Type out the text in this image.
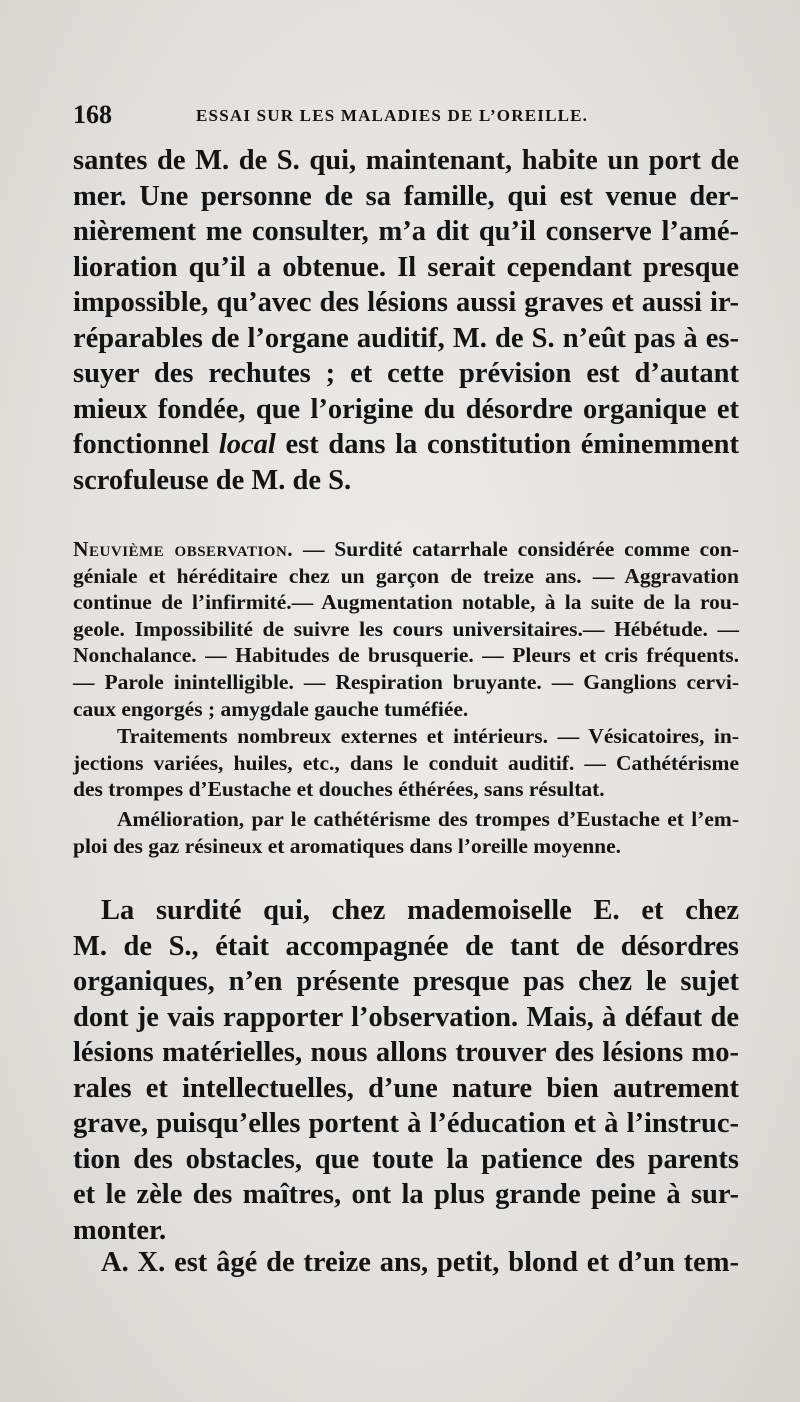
168	ESSAI SUR LES MALADIES DE L’OREILLE.

santes de M. de S. qui, maintenant, habite un port de
mer. Une personne de sa famille, qui est venue der-
nièrement me consulter, m’a dit qu’il conserve l’amé-
lioration qu’il a obtenue. Il serait cependant presque
impossible, qu’avec des lésions aussi graves et aussi ir-
réparables de l’organe auditif, M. de S. n’eût pas à es-
suyer des rechutes ; et cette prévision est d’autant
mieux fondée, que l’origine du désordre organique et
fonctionnel local est dans la constitution éminemment
scrofuleuse de M. de S.

Neuvième observation. — Surdité catarrhale considérée comme con-
géniale et héréditaire chez un garçon de treize ans. — Aggravation
continue de l’infirmité.— Augmentation notable, à la suite de la rou-
geole. Impossibilité de suivre les cours universitaires.— Hébétude. —
Nonchalance. — Habitudes de brusquerie. — Pleurs et cris fréquents.
— Parole inintelligible. — Respiration bruyante. — Ganglions cervi-
caux engorgés ; amygdale gauche tuméfiée.
Traitements nombreux externes et intérieurs. — Vésicatoires, in-
jections variées, huiles, etc., dans le conduit auditif. — Cathétérisme
des trompes d’Eustache et douches éthérées, sans résultat.
Amélioration, par le cathétérisme des trompes d’Eustache et l’em-
ploi des gaz résineux et aromatiques dans l’oreille moyenne.

La surdité qui, chez mademoiselle E. et chez
M. de S., était accompagnée de tant de désordres
organiques, n’en présente presque pas chez le sujet
dont je vais rapporter l’observation. Mais, à défaut de
lésions matérielles, nous allons trouver des lésions mo-
rales et intellectuelles, d’une nature bien autrement
grave, puisqu’elles portent à l’éducation et à l’instruc-
tion des obstacles, que toute la patience des parents
et le zèle des maîtres, ont la plus grande peine à sur-
monter.

A. X. est âgé de treize ans, petit, blond et d’un tem-
